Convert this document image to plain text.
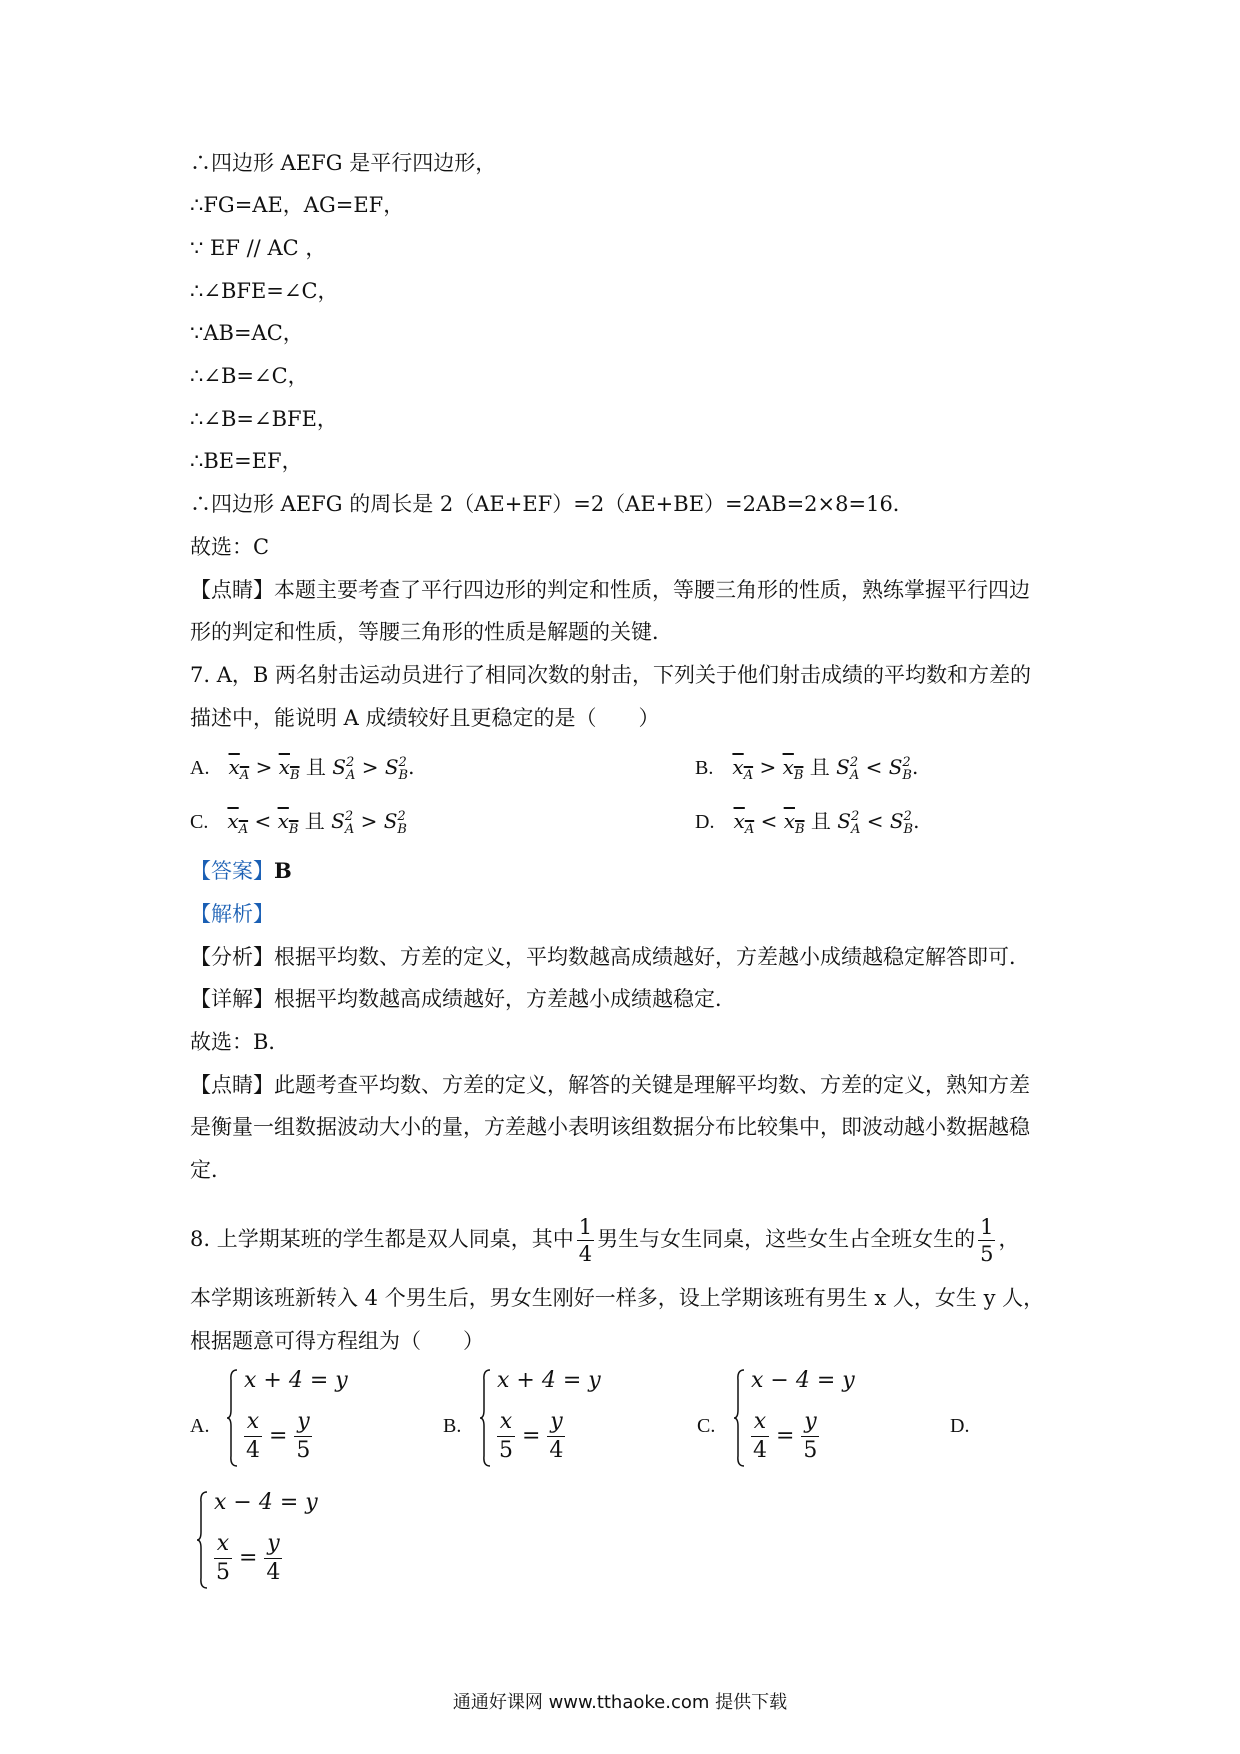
∴四边形 AEFG 是平行四边形，
∴FG=AE，AG=EF，
∵ EF // AC ，
∴∠BFE=∠C，
∵AB=AC，
∴∠B=∠C，
∴∠B=∠BFE，
∴BE=EF，
∴四边形 AEFG 的周长是 2（AE+EF）=2（AE+BE）=2AB=2×8=16．
故选：C
【点睛】本题主要考查了平行四边形的判定和性质，等腰三角形的性质，熟练掌握平行四边
形的判定和性质，等腰三角形的性质是解题的关键．
7. A，B 两名射击运动员进行了相同次数的射击，下列关于他们射击成绩的平均数和方差的
描述中，能说明 A 成绩较好且更稳定的是（　　）
A. $x_A > x_B$ 且 S2
A > S2
B.	B. $x_A > x_B$ 且 S2
A < S2
B.
C. $x_A < x_B$ 且 S2
A > S2
B	D. $x_A < x_B$ 且 S2
A < S2
B.
【答案】B
【解析】
【分析】根据平均数、方差的定义，平均数越高成绩越好，方差越小成绩越稳定解答即可．
【详解】根据平均数越高成绩越好，方差越小成绩越稳定．
故选：B．
【点睛】此题考查平均数、方差的定义，解答的关键是理解平均数、方差的定义，熟知方差
是衡量一组数据波动大小的量，方差越小表明该组数据分布比较集中，即波动越小数据越稳
定．
8. 上学期某班的学生都是双人同桌，其中 $\frac{1}{4}$ 男生与女生同桌，这些女生占全班女生的 $\frac{1}{5}$ ，
本学期该班新转入 4 个男生后，男女生刚好一样多，设上学期该班有男生 x 人，女生 y 人，
根据题意可得方程组为（　　）
A.
x + 4 = y
$\frac{x}{4} = \frac{y}{5}$	B.
x + 4 = y
$\frac{x}{5} = \frac{y}{4}$	C.
x − 4 = y
$\frac{x}{4} = \frac{y}{5}$	D.
x − 4 = y
$\frac{x}{5} = \frac{y}{4}$
通通好课网 www.tthaoke.com 提供下载
